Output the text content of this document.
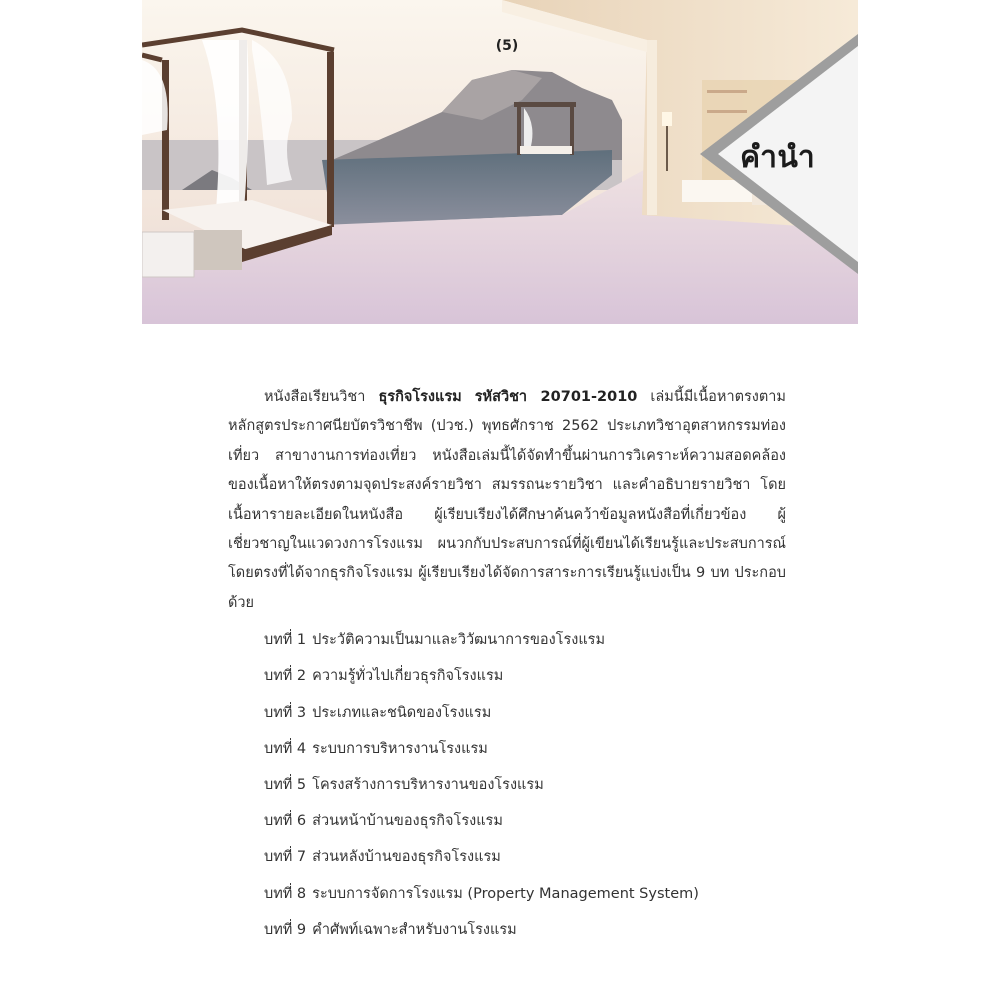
(5)
คำนำ

หนังสือเรียนวิชา ธุรกิจโรงแรม รหัสวิชา 20701-2010 เล่มนี้มีเนื้อหาตรงตามหลักสูตรประกาศนียบัตรวิชาชีพ (ปวช.) พุทธศักราช 2562 ประเภทวิชาอุตสาหกรรมท่องเที่ยว สาขางานการท่องเที่ยว หนังสือเล่มนี้ได้จัดทำขึ้นผ่านการวิเคราะห์ความสอดคล้องของเนื้อหาให้ตรงตามจุดประสงค์รายวิชา สมรรถนะรายวิชา และคำอธิบายรายวิชา โดยเนื้อหารายละเอียดในหนังสือ ผู้เรียบเรียงได้ศึกษาค้นคว้าข้อมูลหนังสือที่เกี่ยวข้อง ผู้เชี่ยวชาญในแวดวงการโรงแรม ผนวกกับประสบการณ์ที่ผู้เขียนได้เรียนรู้และประสบการณ์โดยตรงที่ได้จากธุรกิจโรงแรม ผู้เรียบเรียงได้จัดการสาระการเรียนรู้แบ่งเป็น 9 บท ประกอบด้วย

บทที่ 1 ประวัติความเป็นมาและวิวัฒนาการของโรงแรม
บทที่ 2 ความรู้ทั่วไปเกี่ยวธุรกิจโรงแรม
บทที่ 3 ประเภทและชนิดของโรงแรม
บทที่ 4 ระบบการบริหารงานโรงแรม
บทที่ 5 โครงสร้างการบริหารงานของโรงแรม
บทที่ 6 ส่วนหน้าบ้านของธุรกิจโรงแรม
บทที่ 7 ส่วนหลังบ้านของธุรกิจโรงแรม
บทที่ 8 ระบบการจัดการโรงแรม (Property Management System)
บทที่ 9 คำศัพท์เฉพาะสำหรับงานโรงแรม
